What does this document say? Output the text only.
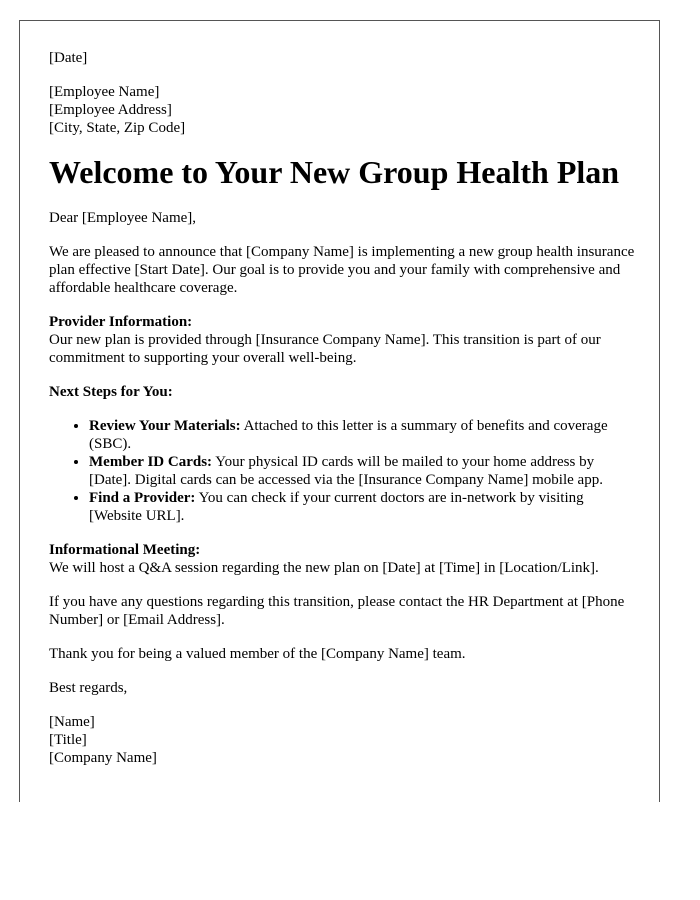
[Date]

[Employee Name]
[Employee Address]
[City, State, Zip Code]
Welcome to Your New Group Health Plan

Dear [Employee Name],

We are pleased to announce that [Company Name] is implementing a new group health insurance plan effective [Start Date]. Our goal is to provide you and your family with comprehensive and affordable healthcare coverage.

Provider Information:
Our new plan is provided through [Insurance Company Name]. This transition is part of our commitment to supporting your overall well-being.

Next Steps for You:

• Review Your Materials: Attached to this letter is a summary of benefits and coverage (SBC).
• Member ID Cards: Your physical ID cards will be mailed to your home address by [Date]. Digital cards can be accessed via the [Insurance Company Name] mobile app.
• Find a Provider: You can check if your current doctors are in-network by visiting [Website URL].

Informational Meeting:
We will host a Q&A session regarding the new plan on [Date] at [Time] in [Location/Link].

If you have any questions regarding this transition, please contact the HR Department at [Phone Number] or [Email Address].

Thank you for being a valued member of the [Company Name] team.

Best regards,

[Name]
[Title]
[Company Name]
